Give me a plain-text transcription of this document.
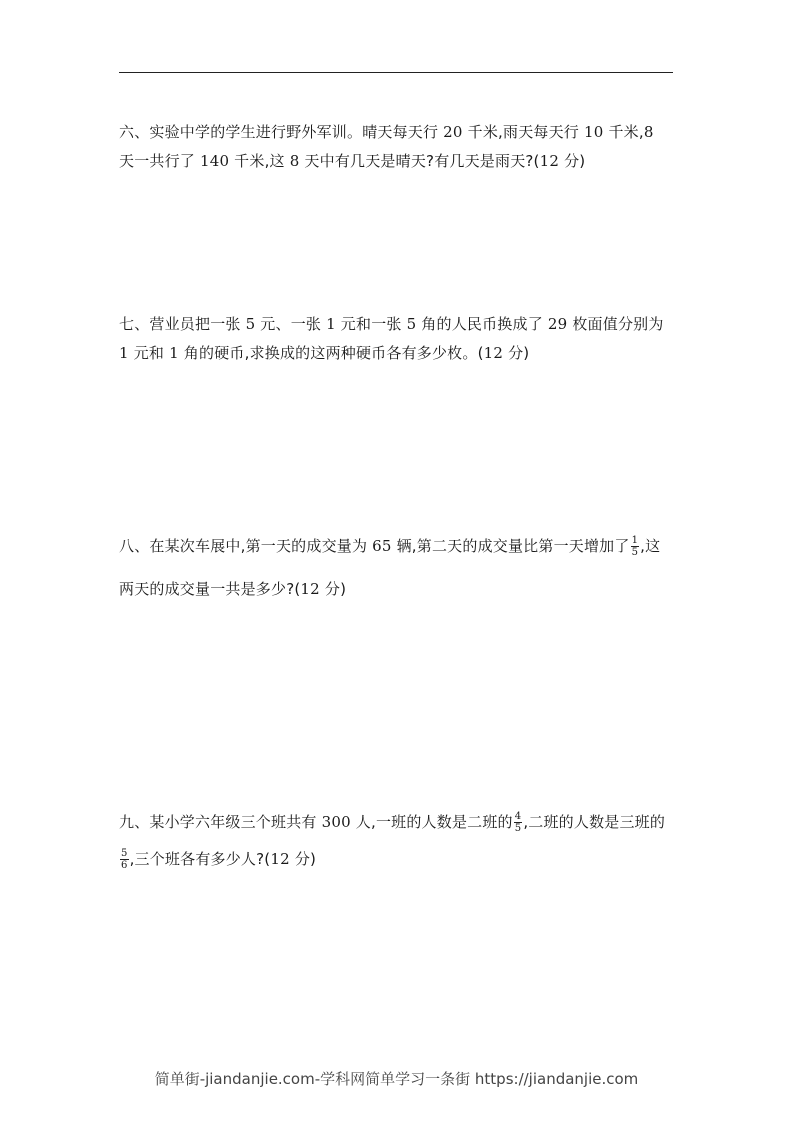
六、实验中学的学生进行野外军训。晴天每天行 20 千米,雨天每天行 10 千米,8

天一共行了 140 千米,这 8 天中有几天是晴天?有几天是雨天?(12 分)

七、营业员把一张 5 元、一张 1 元和一张 5 角的人民币换成了 29 枚面值分别为

1 元和 1 角的硬币,求换成的这两种硬币各有多少枚。(12 分)

八、在某次车展中,第一天的成交量为 65 辆,第二天的成交量比第一天增加了 $\frac{1}{5}$ ,这

两天的成交量一共是多少?(12 分)

九、某小学六年级三个班共有 300 人,一班的人数是二班的 $\frac{4}{5}$ ,二班的人数是三班的

$\frac{5}{6}$ ,三个班各有多少人?(12 分)

简单街-jiandanjie.com-学科网简单学习一条街 https://jiandanjie.com
